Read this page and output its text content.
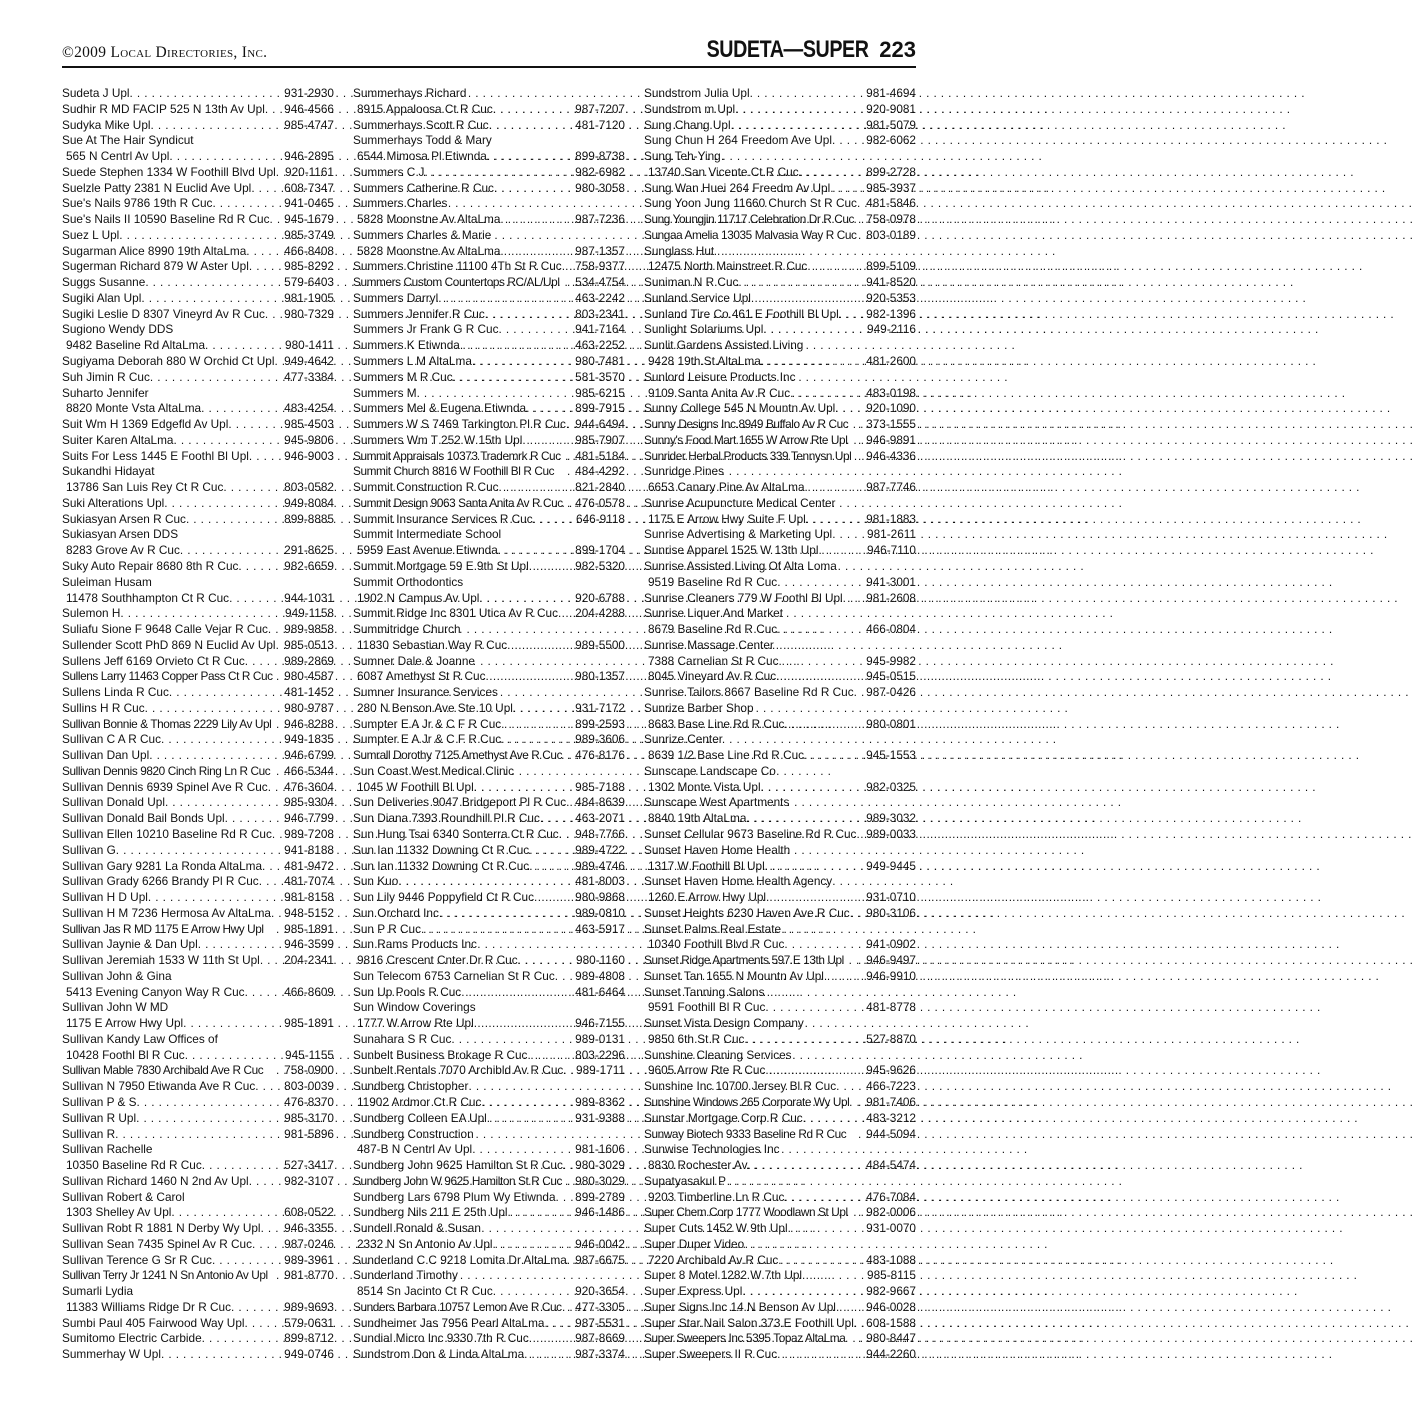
©2009 Local Directories, Inc.	SUDETA—SUPER 223
Sudeta J Upl . . .	931-2930
Sudhir R MD FACIP 525 N 13th Av Upl . . . 946-4566
Sudyka Mike Upl . . .	985-4747
Sue At The Hair Syndicut
565 N Centrl Av Upl . . .	946-2895
Suede Stephen 1334 W Foothill Blvd Upl . . . 920-1161
Suelzle Patty 2381 N Euclid Ave Upl . . .	608-7347
Sue's Nails 9786 19th R Cuc . . .	941-0465
Sue's Nails II 10590 Baseline Rd R Cuc . . . 945-1679
Suez L Upl . . .	985-3749
Sugarman Alice 8990 19th AltaLma . . .	466-8408
Sugerman Richard 879 W Aster Upl . . .	985-8292
Suggs Susanne . . .	579-6403
Sugiki Alan Upl . . .	981-1905
Sugiki Leslie D 8307 Vineyrd Av R Cuc . . . 980-7329
Sugiono Wendy DDS
9482 Baseline Rd AltaLma . . .	980-1411
Sugiyama Deborah 880 W Orchid Ct Upl . . . 949-4642
Suh Jimin R Cuc . . .	477-3384
Suharto Jennifer
8820 Monte Vsta AltaLma . . .	483-4254
Suit Wm H 1369 Edgefld Av Upl . . .	985-4503
Suiter Karen AltaLma . . .	945-9806
Suits For Less 1445 E Foothl Bl Upl . . .	946-9003
Sukandhi Hidayat
13786 San Luis Rey Ct R Cuc . . .	803-0582
Suki Alterations Upl . . .	949-8084
Sukiasyan Arsen R Cuc . . .	899-8885
Sukiasyan Arsen DDS
8283 Grove Av R Cuc . . .	291-8625
Suky Auto Repair 8680 8th R Cuc . . .	982-6659
Suleiman Husam
11478 Southhampton Ct R Cuc . . .	944-1031
Sulemon H . . .	949-1158
Suliafu Sione F 9648 Calle Vejar R Cuc . . . 989-9858
Sullender Scott PhD 869 N Euclid Av Upl . . . 985-0513
Sullens Jeff 6169 Orvieto Ct R Cuc . . .	989-2869
Sullens Larry 11463 Copper Pass Ct R Cuc . . . 980-4587
Sullens Linda R Cuc . . .	481-1452
Sullins H R Cuc . . .	980-9787
Sullivan Bonnie & Thomas 2229 Lily Av Upl . . .	946-8288
Sullivan C A R Cuc . . .	949-1835
Sullivan Dan Upl . . .	946-6799
Sullivan Dennis 9820 Cinch Ring Ln R Cuc . . .	466-5344
Sullivan Dennis 6939 Spinel Ave R Cuc . . . 476-3604
Sullivan Donald Upl . . .	985-9304
Sullivan Donald Bail Bonds Upl . . .	946-7799
Sullivan Ellen 10210 Baseline Rd R Cuc . . . 989-7208
Sullivan G . . .	941-8188
Sullivan Gary 9281 La Ronda AltaLma . . . 481-9472
Sullivan Grady 6266 Brandy Pl R Cuc . . . 481-7074
Sullivan H D Upl . . .	981-8158
Sullivan H M 7236 Hermosa Av AltaLma . . . 948-5152
Sullivan Jas R MD 1175 E Arrow Hwy Upl . . .	985-1891
Sullivan Jaynie & Dan Upl . . .	946-3599
Sullivan Jeremiah 1533 W 11th St Upl . . . 204-2341
Sullivan John & Gina
5413 Evening Canyon Way R Cuc . . .	466-8609
Sullivan John W MD
1175 E Arrow Hwy Upl . . .	985-1891
Sullivan Kandy Law Offices of
10428 Foothl Bl R Cuc . . .	945-1155
Sullivan Mable 7830 Archibald Ave R Cuc . . .	758-0900
Sullivan N 7950 Etiwanda Ave R Cuc . . . 803-0039
Sullivan P & S . . .	476-8370
Sullivan R Upl . . .	985-3170
Sullivan R . . .	981-5896
Sullivan Rachelle
10350 Baseline Rd R Cuc . . .	527-3417
Sullivan Richard 1460 N 2nd Av Upl . . .	982-3107
Sullivan Robert & Carol
1303 Shelley Av Upl . . .	608-0522
Sullivan Robt R 1881 N Derby Wy Upl . . . 946-3355
Sullivan Sean 7435 Spinel Av R Cuc . . .	987-0246
Sullivan Terence G Sr R Cuc . . .	989-3961
Sullivan Terry Jr 1241 N Sn Antonio Av Upl . . .	981-8770
Sumarli Lydia
11383 Williams Ridge Dr R Cuc . . .	989-9693
Sumbi Paul 405 Fairwood Way Upl . . .	579-0631
Sumitomo Electric Carbide . . .	899-8712
Summerhay W Upl . . .	949-0746
Summerhays Richard
8915 Appaloosa Ct R Cuc . . .	987-7207
Summerhays Scott R Cuc . . .	481-7120
Summerhays Todd & Mary
6544 Mimosa Pl Etiwnda . . .	899-8738
Summers C J . . .	982-6982
Summers Catherine R Cuc . . .	980-3058
Summers Charles
5828 Moonstne Av AltaLma . . .	987-7236
Summers Charles & Marie
5828 Moonstne Av AltaLma . . .	987-1357
Summers Christine 11100 4Th St R Cuc . . . 758-9377
Summers Custom Countertops RC/AL/Upl . . .	534-4754
Summers Darryl . . .	463-2242
Summers Jennifer R Cuc . . .	803-2341
Summers Jr Frank G R Cuc . . .	941-7164
Summers K Etiwnda . . .	463-2252
Summers L M AltaLma . . .	980-7481
Summers M R Cuc . . .	581-3570
Summers M . . .	985-6215
Summers Mel & Eugena Etiwnda . . .	899-7915
Summers W S 7469 Tarkington Pl R Cuc . . . 944-6494
Summers Wm T 252 W 15th Upl . . .	985-7907
Summit Appraisals 10373 Trademrk R Cuc . . .	481-5184
Summit Church 8816 W Foothill Bl R Cuc . . .	484-4292
Summit Construction R Cuc . . .	821-2840
Summit Design 9063 Santa Anita Av R Cuc . . .	476-0578
Summit Insurance Services R Cuc . . .	646-9118
Summit Intermediate School
5959 East Avenue Etiwnda . . .	899-1704
Summit Mortgage 59 E 9th St Upl . . .	982-5320
Summit Orthodontics
1902 N Campus Av Upl . . .	920-6788
Summit Ridge Inc 8301 Utica Av R Cuc . . . 204-4288
Summitridge Church
11830 Sebastian Way R Cuc . . .	989-5500
Sumner Dale & Joanne
6087 Amethyst St R Cuc . . .	980-1357
Sumner Insurance Services
280 N Benson Ave Ste 10 Upl . . .	931-7172
Sumpter E A Jr & C F R Cuc . . .	899-2593
Sumpter E A Jr & C F R Cuc . . .	989-3606
Sumrall Dorothy 7125 Amethyst Ave R Cuc . . .	476-8176
Sun Coast West Medical Clinic
1045 W Foothill Bl Upl . . .	985-7188
Sun Deliveries 9047 Bridgeport Pl R Cuc . . . 484-8639
Sun Diana 7393 Roundhill Pl R Cuc . . .	463-2071
Sun Hung Tsai 6340 Sonterra Ct R Cuc . . . 948-7766
Sun Ian 11332 Downing Ct R Cuc . . .	989-4722
Sun Ian 11332 Downing Ct R Cuc . . .	989-4746
Sun Kuo . . .	481-8003
Sun Lily 9446 Poppyfield Ct R Cuc . . .	980-9868
Sun Orchard Inc . . .	989-0810
Sun P R Cuc . . .	463-5917
Sun Rams Products Inc
9816 Crescent Cnter Dr R Cuc . . .	980-1160
Sun Telecom 6753 Carnelian St R Cuc . . . 989-4808
Sun Up Pools R Cuc . . .	481-6464
Sun Window Coverings
1777 W Arrow Rte Upl . . .	946-7155
Sunahara S R Cuc . . .	989-0131
Sunbelt Business Brokage R Cuc . . .	803-2296
Sunbelt Rentals 7070 Archibld Av R Cuc . . . 989-1711
Sundberg Christopher
11902 Ardmor Ct R Cuc . . .	989-8362
Sundberg Colleen EA Upl . . .	931-9388
Sundberg Construction
487-B N Centrl Av Upl . . .	981-1606
Sundberg John 9625 Hamilton St R Cuc . . . 980-3029
Sundberg John W 9625 Hamilton St R Cuc . . .	980-3029
Sundberg Lars 6798 Plum Wy Etiwnda . . . 899-2789
Sundberg Nils 211 E 25th Upl . . .	946-1486
Sundell Ronald & Susan
2332 N Sn Antonio Av Upl . . .	946-0042
Sunderland C C 9218 Lomita Dr AltaLma . . . 987-6675
Sunderland Timothy
8514 Sn Jacinto Ct R Cuc . . .	920-3654
Sunders Barbara 10757 Lemon Ave R Cuc . . .	477-3305
Sundheimer Jas 7956 Pearl AltaLma . . .	987-5531
Sundial Micro Inc 9330 7th R Cuc . . .	987-8669
Sundstrom Don & Linda AltaLma . . .	987-3374
Sundstrom Julia Upl . . .	981-4694
Sundstrom m Upl . . .	920-9081
Sung Chang Upl . . .	981-5079
Sung Chun H 264 Freedom Ave Upl . . .	982-6062
Sung Teh-Ying
13740 San Vicente Ct R Cuc . . .	899-2728
Sung Wan Huei 264 Freedm Av Upl . . .	985-3937
Sung Yoon Jung 11660 Church St R Cuc . . . 481-5846
Sung Youngjin 11717 Celebration Dr R Cuc . . .	758-0978
Sungaa Amelia 13035 Malvasia Way R Cuc . . . 803-0189
Sunglass Hut
12475 North Mainstreet R Cuc . . .	899-5109
Suniman N R Cuc . . .	941-8520
Sunland Service Upl . . .	920-5353
Sunland Tire Co 461 E Foothill Bl Upl . . . 982-1396
Sunlight Solariums Upl . . .	949-2116
Sunlit Gardens Assisted Living
9428 19th St AltaLma . . .	481-2600
Sunlord Leisure Products Inc
9109 Santa Anita Av R Cuc . . .	483-0198
Sunny College 545 N Mountn Av Upl . . .	920-1090
Sunny Designs Inc 8949 Buffalo Av R Cuc . . .	373-1555
Sunny's Food Mart 1655 W Arrow Rte Upl . . .	946-9891
Sunrider Herbal Products 339 Tennysn Upl . . .	946-4336
Sunridge Pines
6653 Canary Pine Av AltaLma . . .	987-7746
Sunrise Acupuncture Medical Center
1175 E Arrow Hwy Suite F Upl . . .	981-1883
Sunrise Advertising & Marketing Upl . . .	981-2611
Sunrise Apparel 1525 W 13th Upl . . .	946-7110
Sunrise Assisted Living Of Alta Loma
9519 Baseline Rd R Cuc . . .	941-3001
Sunrise Cleaners 779 W Foothl Bl Upl . . . 981-2608
Sunrise Liquer And Market
8679 Baseline Rd R Cuc . . .	466-0804
Sunrise Massage Center
7388 Carnelian St R Cuc . . .	945-9982
8045 Vineyard Av R Cuc . . .	945-0515
Sunrise Tailors 8667 Baseline Rd R Cuc . . . 987-0426
Sunrize Barber Shop
8683 Base Line Rd R Cuc . . .	980-0801
Sunrize Center
8639 1/2 Base Line Rd R Cuc . . .	945-1553
Sunscape Landscape Co
1302 Monte Vista Upl . . .	982-0325
Sunscape West Apartments
8840 19th AltaLma . . .	989-3032
Sunset Cellular 9673 Baseline Rd R Cuc . . . 989-0033
Sunset Haven Home Health
1317 W Foothill Bl Upl . . .	949-9445
Sunset Haven Home Health Agency
1260 E Arrow Hwy Upl . . .	931-0710
Sunset Heights 6230 Haven Ave R Cuc . . . 980-3106
Sunset Palms Real Estate
10340 Foothill Blvd R Cuc . . .	941-0902
Sunset Ridge Apartments 597 E 13th Upl . . .	946-9497
Sunset Tan 1655 N Mountn Av Upl . . .	946-9910
Sunset Tanning Salons
9591 Foothill Bl R Cuc . . .	481-8778
Sunset Vista Design Company
9850 6th St R Cuc . . .	527-8870
Sunshine Cleaning Services
9605 Arrow Rte R Cuc . . .	945-9626
Sunshine Inc 10700 Jersey Bl R Cuc . . .	466-7223
Sunshine Windows 265 Corporate Wy Upl . . .	981-7406
Sunstar Mortgage Corp R Cuc . . .	483-3212
Sunway Biotech 9333 Baseline Rd R Cuc . . .	944-5094
Sunwise Technologies Inc
8830 Rochester Av . . .	484-5474
Supatyasakul P
9203 Timberline Ln R Cuc . . .	476-7084
Super Chem Corp 1777 Woodlawn St Upl . . .	982-0006
Super Cuts 1452 W 9th Upl . . .	931-0070
Super Duper Video
7220 Archibald Av R Cuc . . .	483-1088
Super 8 Motel 1282 W 7th Upl . . .	985-8115
Super Express Upl . . .	982-9667
Super Signs Inc 14 N Benson Av Upl . . .	946-0028
Super Star Nail Salon 373 E Foothill Upl . . . 608-1588
Super Sweepers Inc 5395 Topaz AltaLma . . .	980-8447
Super Sweepers II R Cuc . . .	944-2260
